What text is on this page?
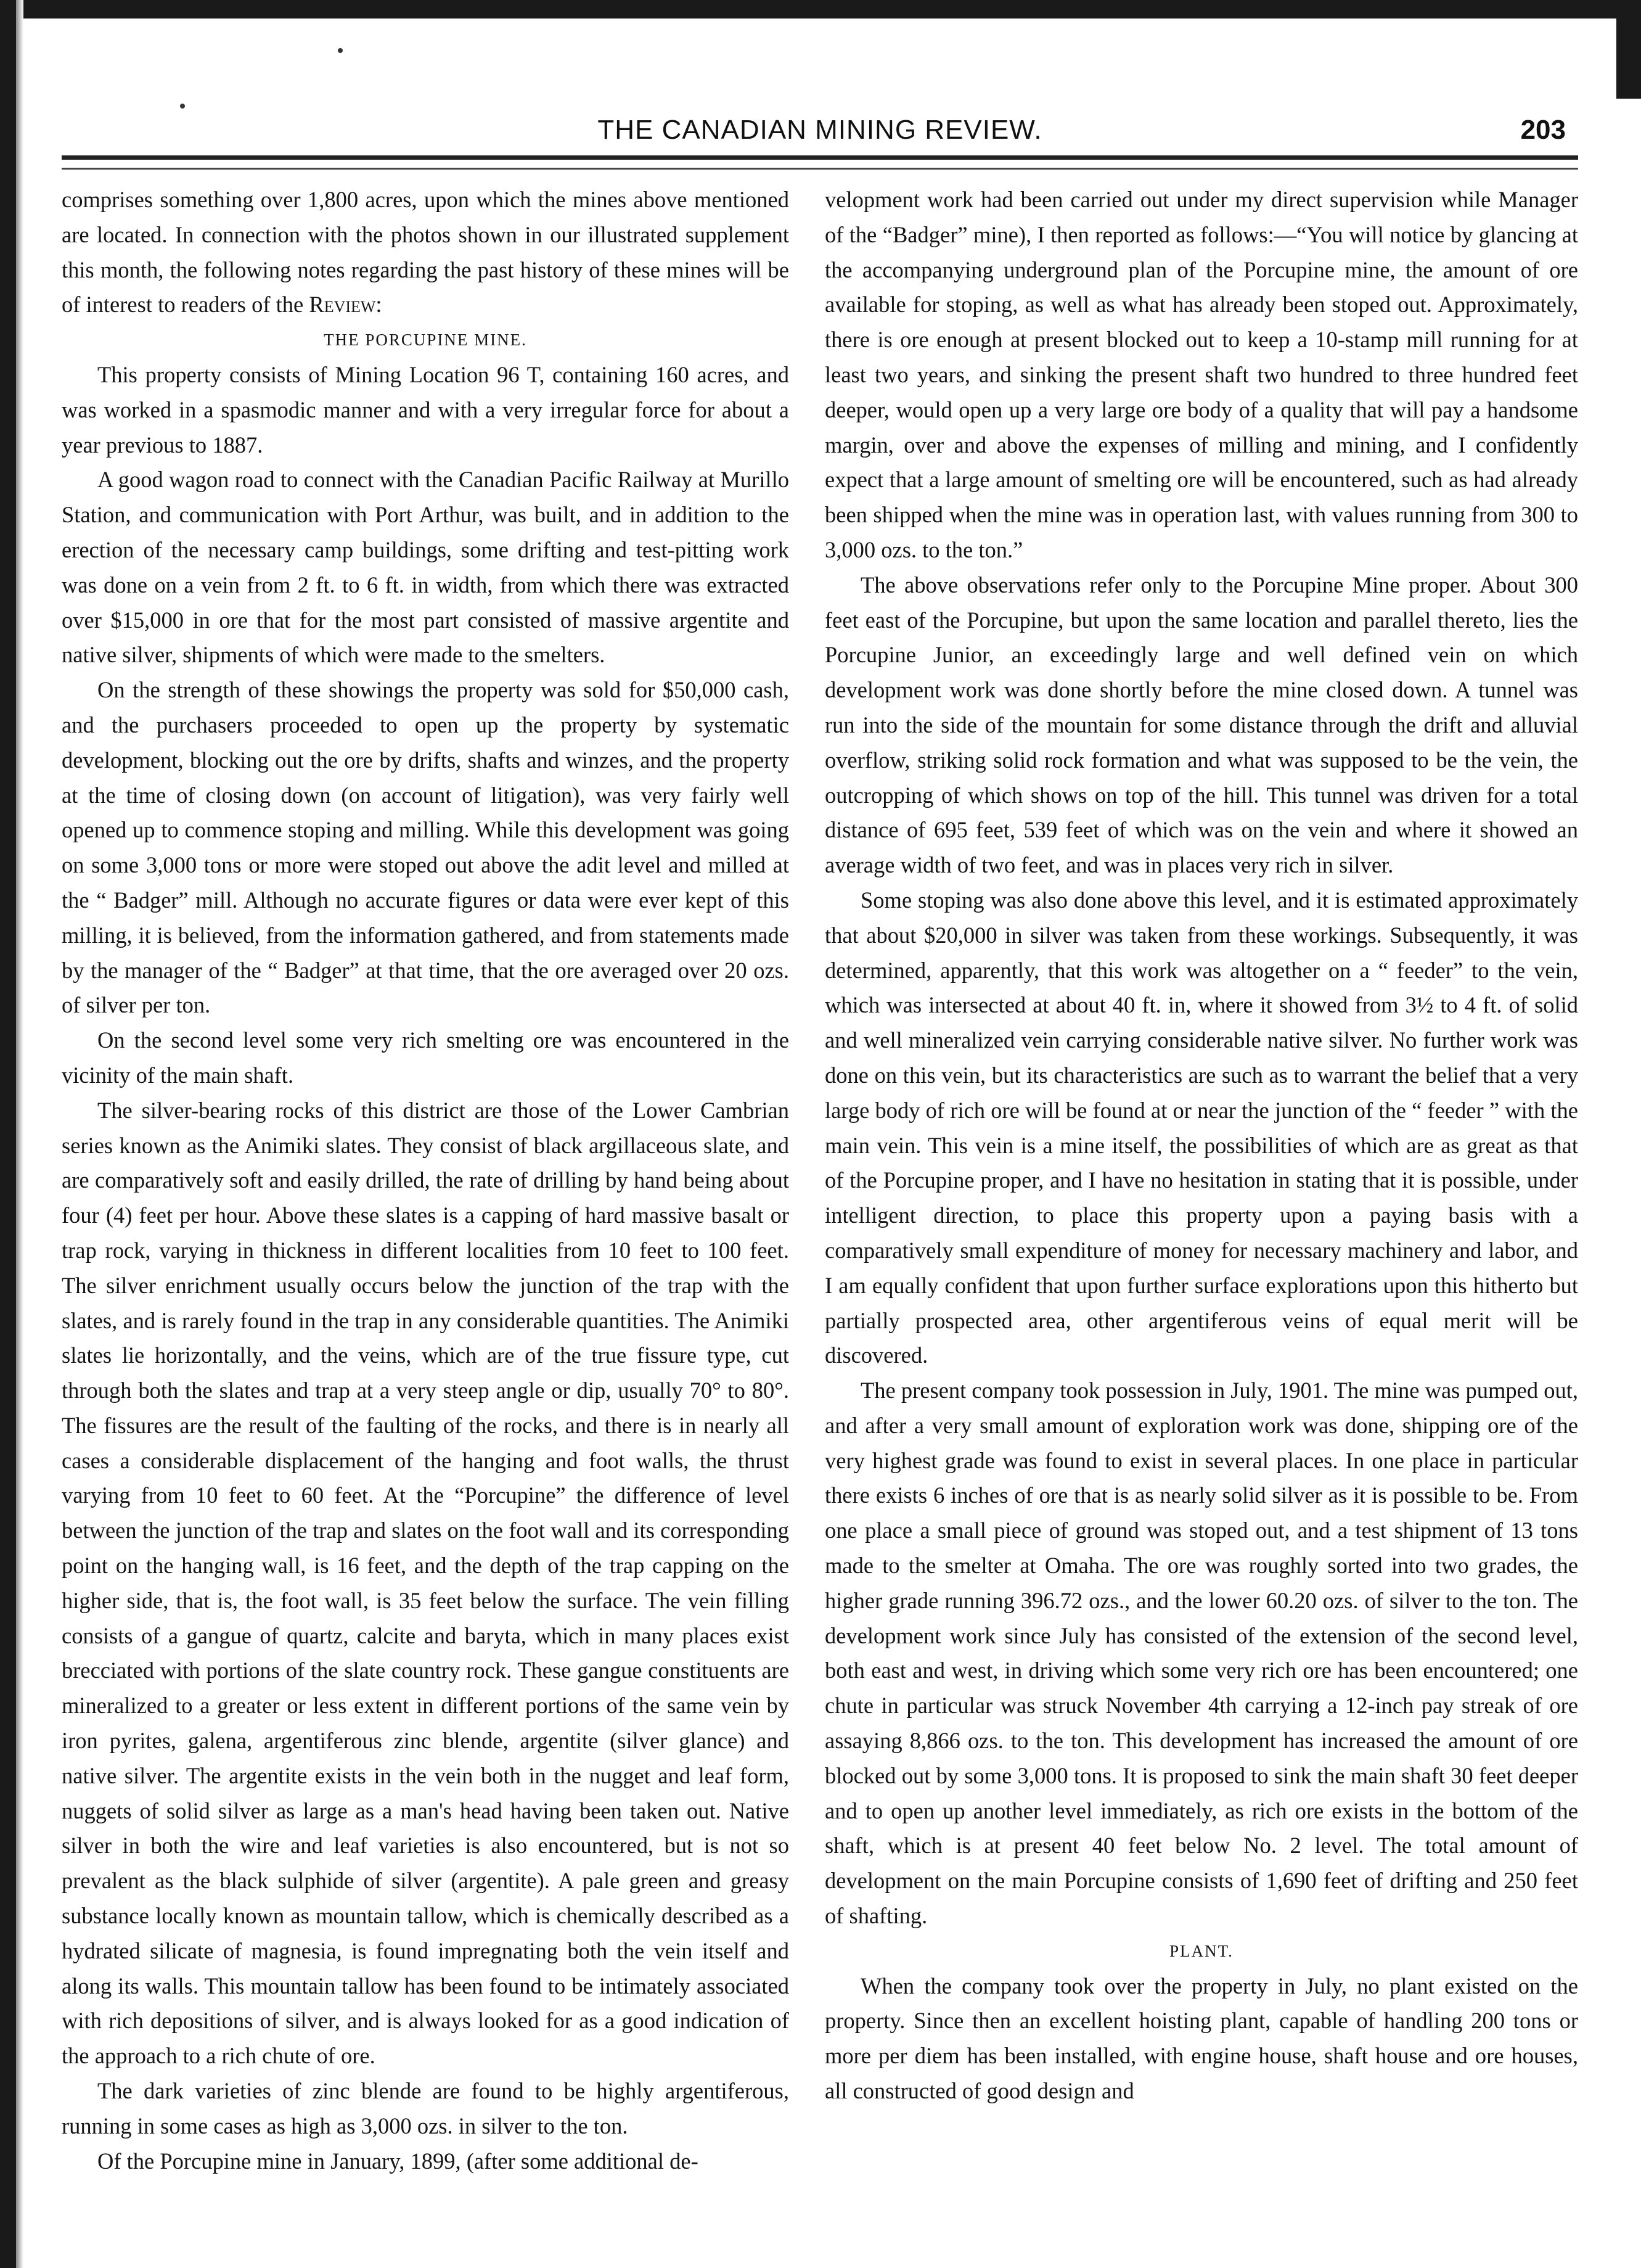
THE CANADIAN MINING REVIEW.	203

comprises something over 1,800 acres, upon which the mines above mentioned are located. In connection with the photos shown in our illustrated supplement this month, the following notes regarding the past history of these mines will be of interest to readers of the Review:

THE PORCUPINE MINE.

This property consists of Mining Location 96 T, containing 160 acres, and was worked in a spasmodic manner and with a very irregular force for about a year previous to 1887.

A good wagon road to connect with the Canadian Pacific Railway at Murillo Station, and communication with Port Arthur, was built, and in addition to the erection of the necessary camp buildings, some drifting and test-pitting work was done on a vein from 2 ft. to 6 ft. in width, from which there was extracted over $15,000 in ore that for the most part consisted of massive argentite and native silver, shipments of which were made to the smelters.

On the strength of these showings the property was sold for $50,000 cash, and the purchasers proceeded to open up the property by systematic development, blocking out the ore by drifts, shafts and winzes, and the property at the time of closing down (on account of litigation), was very fairly well opened up to commence stoping and milling. While this development was going on some 3,000 tons or more were stoped out above the adit level and milled at the “ Badger” mill. Although no accurate figures or data were ever kept of this milling, it is believed, from the information gathered, and from statements made by the manager of the “ Badger” at that time, that the ore averaged over 20 ozs. of silver per ton.

On the second level some very rich smelting ore was encountered in the vicinity of the main shaft.

The silver-bearing rocks of this district are those of the Lower Cambrian series known as the Animiki slates. They consist of black argillaceous slate, and are comparatively soft and easily drilled, the rate of drilling by hand being about four (4) feet per hour. Above these slates is a capping of hard massive basalt or trap rock, varying in thickness in different localities from 10 feet to 100 feet. The silver enrichment usually occurs below the junction of the trap with the slates, and is rarely found in the trap in any considerable quantities. The Animiki slates lie horizontally, and the veins, which are of the true fissure type, cut through both the slates and trap at a very steep angle or dip, usually 70° to 80°. The fissures are the result of the faulting of the rocks, and there is in nearly all cases a considerable displacement of the hanging and foot walls, the thrust varying from 10 feet to 60 feet. At the “Porcupine” the difference of level between the junction of the trap and slates on the foot wall and its corresponding point on the hanging wall, is 16 feet, and the depth of the trap capping on the higher side, that is, the foot wall, is 35 feet below the surface. The vein filling consists of a gangue of quartz, calcite and baryta, which in many places exist brecciated with portions of the slate country rock. These gangue constituents are mineralized to a greater or less extent in different portions of the same vein by iron pyrites, galena, argentiferous zinc blende, argentite (silver glance) and native silver. The argentite exists in the vein both in the nugget and leaf form, nuggets of solid silver as large as a man's head having been taken out. Native silver in both the wire and leaf varieties is also encountered, but is not so prevalent as the black sulphide of silver (argentite). A pale green and greasy substance locally known as mountain tallow, which is chemically described as a hydrated silicate of magnesia, is found impregnating both the vein itself and along its walls. This mountain tallow has been found to be intimately associated with rich depositions of silver, and is always looked for as a good indication of the approach to a rich chute of ore.

The dark varieties of zinc blende are found to be highly argentiferous, running in some cases as high as 3,000 ozs. in silver to the ton.

Of the Porcupine mine in January, 1899, (after some additional de-

velopment work had been carried out under my direct supervision while Manager of the “Badger” mine), I then reported as follows:—“You will notice by glancing at the accompanying underground plan of the Porcupine mine, the amount of ore available for stoping, as well as what has already been stoped out. Approximately, there is ore enough at present blocked out to keep a 10-stamp mill running for at least two years, and sinking the present shaft two hundred to three hundred feet deeper, would open up a very large ore body of a quality that will pay a handsome margin, over and above the expenses of milling and mining, and I confidently expect that a large amount of smelting ore will be encountered, such as had already been shipped when the mine was in operation last, with values running from 300 to 3,000 ozs. to the ton.”

The above observations refer only to the Porcupine Mine proper. About 300 feet east of the Porcupine, but upon the same location and parallel thereto, lies the Porcupine Junior, an exceedingly large and well defined vein on which development work was done shortly before the mine closed down. A tunnel was run into the side of the mountain for some distance through the drift and alluvial overflow, striking solid rock formation and what was supposed to be the vein, the outcropping of which shows on top of the hill. This tunnel was driven for a total distance of 695 feet, 539 feet of which was on the vein and where it showed an average width of two feet, and was in places very rich in silver.

Some stoping was also done above this level, and it is estimated approximately that about $20,000 in silver was taken from these workings. Subsequently, it was determined, apparently, that this work was altogether on a “ feeder” to the vein, which was intersected at about 40 ft. in, where it showed from 3½ to 4 ft. of solid and well mineralized vein carrying considerable native silver. No further work was done on this vein, but its characteristics are such as to warrant the belief that a very large body of rich ore will be found at or near the junction of the “ feeder ” with the main vein. This vein is a mine itself, the possibilities of which are as great as that of the Porcupine proper, and I have no hesitation in stating that it is possible, under intelligent direction, to place this property upon a paying basis with a comparatively small expenditure of money for necessary machinery and labor, and I am equally confident that upon further surface explorations upon this hitherto but partially prospected area, other argentiferous veins of equal merit will be discovered.

The present company took possession in July, 1901. The mine was pumped out, and after a very small amount of exploration work was done, shipping ore of the very highest grade was found to exist in several places. In one place in particular there exists 6 inches of ore that is as nearly solid silver as it is possible to be. From one place a small piece of ground was stoped out, and a test shipment of 13 tons made to the smelter at Omaha. The ore was roughly sorted into two grades, the higher grade running 396.72 ozs., and the lower 60.20 ozs. of silver to the ton. The development work since July has consisted of the extension of the second level, both east and west, in driving which some very rich ore has been encountered; one chute in particular was struck November 4th carrying a 12-inch pay streak of ore assaying 8,866 ozs. to the ton. This development has increased the amount of ore blocked out by some 3,000 tons. It is proposed to sink the main shaft 30 feet deeper and to open up another level immediately, as rich ore exists in the bottom of the shaft, which is at present 40 feet below No. 2 level. The total amount of development on the main Porcupine consists of 1,690 feet of drifting and 250 feet of shafting.

PLANT.

When the company took over the property in July, no plant existed on the property. Since then an excellent hoisting plant, capable of handling 200 tons or more per diem has been installed, with engine house, shaft house and ore houses, all constructed of good design and
